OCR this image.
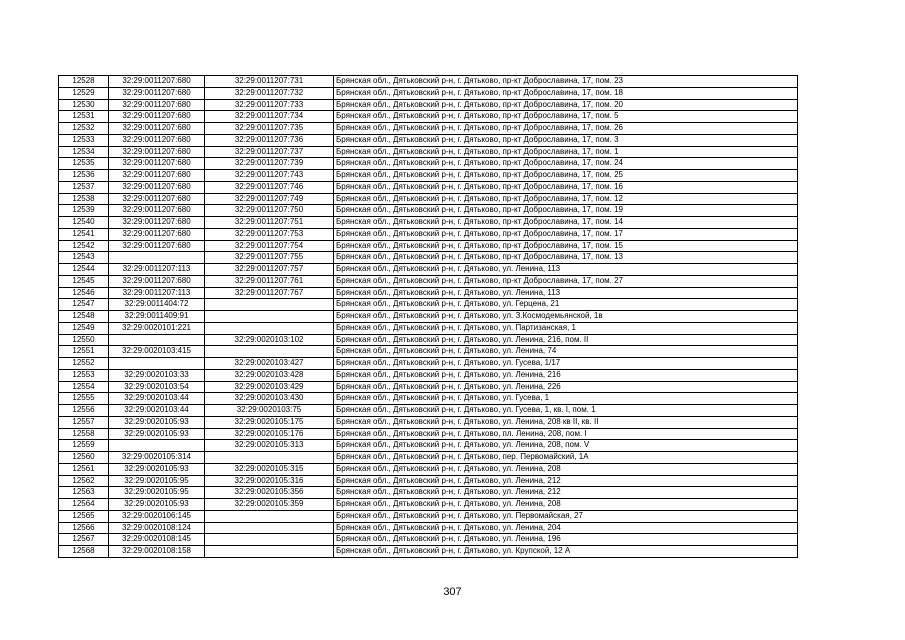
12528	32:29:0011207:680	32:29:0011207:731	Брянская обл., Дятьковский р-н, г. Дятьково, пр-кт Доброславина, 17, пом. 23
12529	32:29:0011207:680	32:29:0011207:732	Брянская обл., Дятьковский р-н, г. Дятьково, пр-кт Доброславина, 17, пом. 18
12530	32:29:0011207:680	32:29:0011207:733	Брянская обл., Дятьковский р-н, г. Дятьково, пр-кт Доброславина, 17, пом. 20
12531	32:29:0011207:680	32:29:0011207:734	Брянская обл., Дятьковский р-н, г. Дятьково, пр-кт Доброславина, 17, пом. 5
12532	32:29:0011207:680	32:29:0011207:735	Брянская обл., Дятьковский р-н, г. Дятьково, пр-кт Доброславина, 17, пом. 26
12533	32:29:0011207:680	32:29:0011207:736	Брянская обл., Дятьковский р-н, г. Дятьково, пр-кт Доброславина, 17, пом. 3
12534	32:29:0011207:680	32:29:0011207:737	Брянская обл., Дятьковский р-н, г. Дятьково, пр-кт Доброславина, 17, пом. 1
12535	32:29:0011207:680	32:29:0011207:739	Брянская обл., Дятьковский р-н, г. Дятьково, пр-кт Доброславина, 17, пом. 24
12536	32:29:0011207:680	32:29:0011207:743	Брянская обл., Дятьковский р-н, г. Дятьково, пр-кт Доброславина, 17, пом. 25
12537	32:29:0011207:680	32:29:0011207:746	Брянская обл., Дятьковский р-н, г. Дятьково, пр-кт Доброславина, 17, пом. 16
12538	32:29:0011207:680	32:29:0011207:749	Брянская обл., Дятьковский р-н, г. Дятьково, пр-кт Доброславина, 17, пом. 12
12539	32:29:0011207:680	32:29:0011207:750	Брянская обл., Дятьковский р-н, г. Дятьково, пр-кт Доброславина, 17, пом. 19
12540	32:29:0011207:680	32:29:0011207:751	Брянская обл., Дятьковский р-н, г. Дятьково, пр-кт Доброславина, 17, пом. 14
12541	32:29:0011207:680	32:29:0011207:753	Брянская обл., Дятьковский р-н, г. Дятьково, пр-кт Доброславина, 17, пом. 17
12542	32:29:0011207:680	32:29:0011207:754	Брянская обл., Дятьковский р-н, г. Дятьково, пр-кт Доброславина, 17, пом. 15
12543		32:29:0011207:755	Брянская обл., Дятьковский р-н, г. Дятьково, пр-кт Доброславина, 17, пом. 13
12544	32:29:0011207:113	32:29:0011207:757	Брянская обл., Дятьковский р-н, г. Дятьково, ул. Ленина, 113
12545	32:29:0011207:680	32:29:0011207:761	Брянская обл., Дятьковский р-н, г. Дятьково, пр-кт Доброславина, 17, пом. 27
12546	32:29:0011207:113	32:29:0011207:767	Брянская обл., Дятьковский р-н, г. Дятьково, ул. Ленина, 113
12547	32:29:0011404:72		Брянская обл., Дятьковский р-н, г. Дятьково, ул. Герцена, 21
12548	32:29:0011409:91		Брянская обл., Дятьковский р-н, г. Дятьково, ул. З.Космодемьянской, 1в
12549	32:29:0020101:221		Брянская обл., Дятьковский р-н, г. Дятьково, ул. Партизанская, 1
12550		32:29:0020103:102	Брянская обл., Дятьковский р-н, г. Дятьково, ул. Ленина, 216, пом. II
12551	32:29:0020103:415		Брянская обл., Дятьковский р-н, г. Дятьково, ул. Ленина, 74
12552		32:29:0020103:427	Брянская обл., Дятьковский р-н, г. Дятьково, ул. Гусева, 1/17
12553	32:29:0020103:33	32:29:0020103:428	Брянская обл., Дятьковский р-н, г. Дятьково, ул. Ленина, 216
12554	32:29:0020103:54	32:29:0020103:429	Брянская обл., Дятьковский р-н, г. Дятьково, ул. Ленина, 226
12555	32:29:0020103:44	32:29:0020103:430	Брянская обл., Дятьковский р-н, г. Дятьково, ул. Гусева, 1
12556	32:29:0020103:44	32:29:0020103:75	Брянская обл., Дятьковский р-н, г. Дятьково, ул. Гусева, 1, кв. I, пом. 1
12557	32:29:0020105:93	32:29:0020105:175	Брянская обл., Дятьковский р-н, г. Дятьково, ул. Ленина, 208 кв II, кв. II
12558	32:29:0020105:93	32:29:0020105:176	Брянская обл., Дятьковский р-н, г. Дятьково, пл. Ленина, 208, пом. I
12559		32:29:0020105:313	Брянская обл., Дятьковский р-н, г. Дятьково, ул. Ленина, 208, пом. V
12560	32:29:0020105:314		Брянская обл., Дятьковский р-н, г. Дятьково, пер. Первомайский, 1А
12561	32:29:0020105:93	32:29:0020105:315	Брянская обл., Дятьковский р-н, г. Дятьково, ул. Ленина, 208
12562	32:29:0020105:95	32:29:0020105:316	Брянская обл., Дятьковский р-н, г. Дятьково, ул. Ленина, 212
12563	32:29:0020105:95	32:29:0020105:356	Брянская обл., Дятьковский р-н, г. Дятьково, ул. Ленина, 212
12564	32:29:0020105:93	32:29:0020105:359	Брянская обл., Дятьковский р-н, г. Дятьково, ул. Ленина, 208
12565	32:29:0020106:145		Брянская обл., Дятьковский р-н, г. Дятьково, ул. Первомайская, 27
12566	32:29:0020108:124		Брянская обл., Дятьковский р-н, г. Дятьково, ул. Ленина, 204
12567	32:29:0020108:145		Брянская обл., Дятьковский р-н, г. Дятьково, ул. Ленина, 196
12568	32:29:0020108:158		Брянская обл., Дятьковский р-н, г. Дятьково, ул. Крупской, 12 А
307
